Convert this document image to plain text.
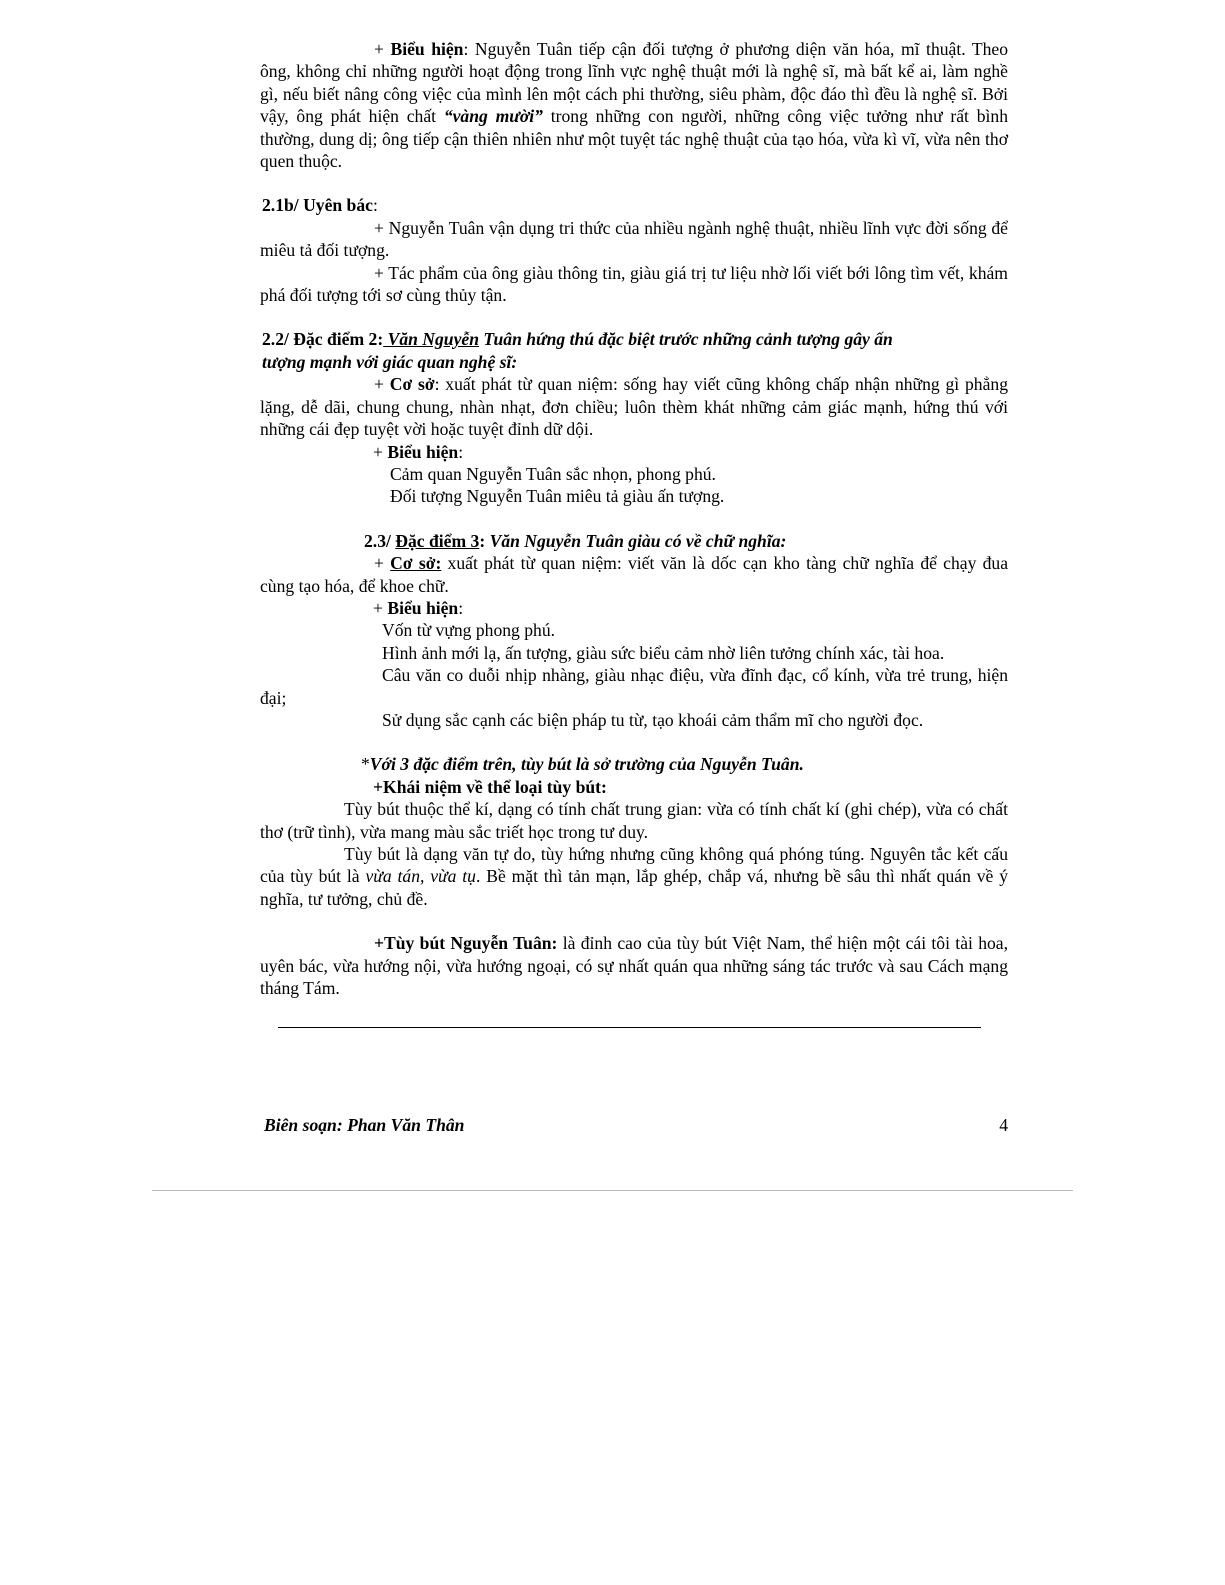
+ Biểu hiện: Nguyễn Tuân tiếp cận đối tượng ở phương diện văn hóa, mĩ thuật. Theo ông, không chỉ những người hoạt động trong lĩnh vực nghệ thuật mới là nghệ sĩ, mà bất kể ai, làm nghề gì, nếu biết nâng công việc của mình lên một cách phi thường, siêu phàm, độc đáo thì đều là nghệ sĩ. Bởi vậy, ông phát hiện chất “vàng mười” trong những con người, những công việc tưởng như rất bình thường, dung dị; ông tiếp cận thiên nhiên như một tuyệt tác nghệ thuật của tạo hóa, vừa kì vĩ, vừa nên thơ quen thuộc.

2.1b/ Uyên bác:

+ Nguyễn Tuân vận dụng tri thức của nhiều ngành nghệ thuật, nhiều lĩnh vực đời sống để miêu tả đối tượng.

+ Tác phẩm của ông giàu thông tin, giàu giá trị tư liệu nhờ lối viết bới lông tìm vết, khám phá đối tượng tới sơ cùng thủy tận.

2.2/ Đặc điểm 2: Văn Nguyễn Tuân hứng thú đặc biệt trước những cảnh tượng gây ấn tượng mạnh với giác quan nghệ sĩ:

+ Cơ sở: xuất phát từ quan niệm: sống hay viết cũng không chấp nhận những gì phẳng lặng, dễ dãi, chung chung, nhàn nhạt, đơn chiều; luôn thèm khát những cảm giác mạnh, hứng thú với những cái đẹp tuyệt vời hoặc tuyệt đỉnh dữ dội.

+ Biểu hiện:

Cảm quan Nguyễn Tuân sắc nhọn, phong phú.

Đối tượng Nguyễn Tuân miêu tả giàu ấn tượng.

2.3/ Đặc điểm 3: Văn Nguyễn Tuân giàu có về chữ nghĩa:

+ Cơ sở: xuất phát từ quan niệm: viết văn là dốc cạn kho tàng chữ nghĩa để chạy đua cùng tạo hóa, để khoe chữ.

+ Biểu hiện:

Vốn từ vựng phong phú.

Hình ảnh mới lạ, ấn tượng, giàu sức biểu cảm nhờ liên tưởng chính xác, tài hoa.

Câu văn co duỗi nhịp nhàng, giàu nhạc điệu, vừa đĩnh đạc, cổ kính, vừa trẻ trung, hiện đại;

Sử dụng sắc cạnh các biện pháp tu từ, tạo khoái cảm thẩm mĩ cho người đọc.

*Với 3 đặc điểm trên, tùy bút là sở trường của Nguyễn Tuân.

+Khái niệm về thể loại tùy bút:

Tùy bút thuộc thể kí, dạng có tính chất trung gian: vừa có tính chất kí (ghi chép), vừa có chất thơ (trữ tình), vừa mang màu sắc triết học trong tư duy.

Tùy bút là dạng văn tự do, tùy hứng nhưng cũng không quá phóng túng. Nguyên tắc kết cấu của tùy bút là vừa tán, vừa tụ. Bề mặt thì tản mạn, lắp ghép, chắp vá, nhưng bề sâu thì nhất quán về ý nghĩa, tư tưởng, chủ đề.

+Tùy bút Nguyễn Tuân: là đỉnh cao của tùy bút Việt Nam, thể hiện một cái tôi tài hoa, uyên bác, vừa hướng nội, vừa hướng ngoại, có sự nhất quán qua những sáng tác trước và sau Cách mạng tháng Tám.

Biên soạn: Phan Văn Thân	4
